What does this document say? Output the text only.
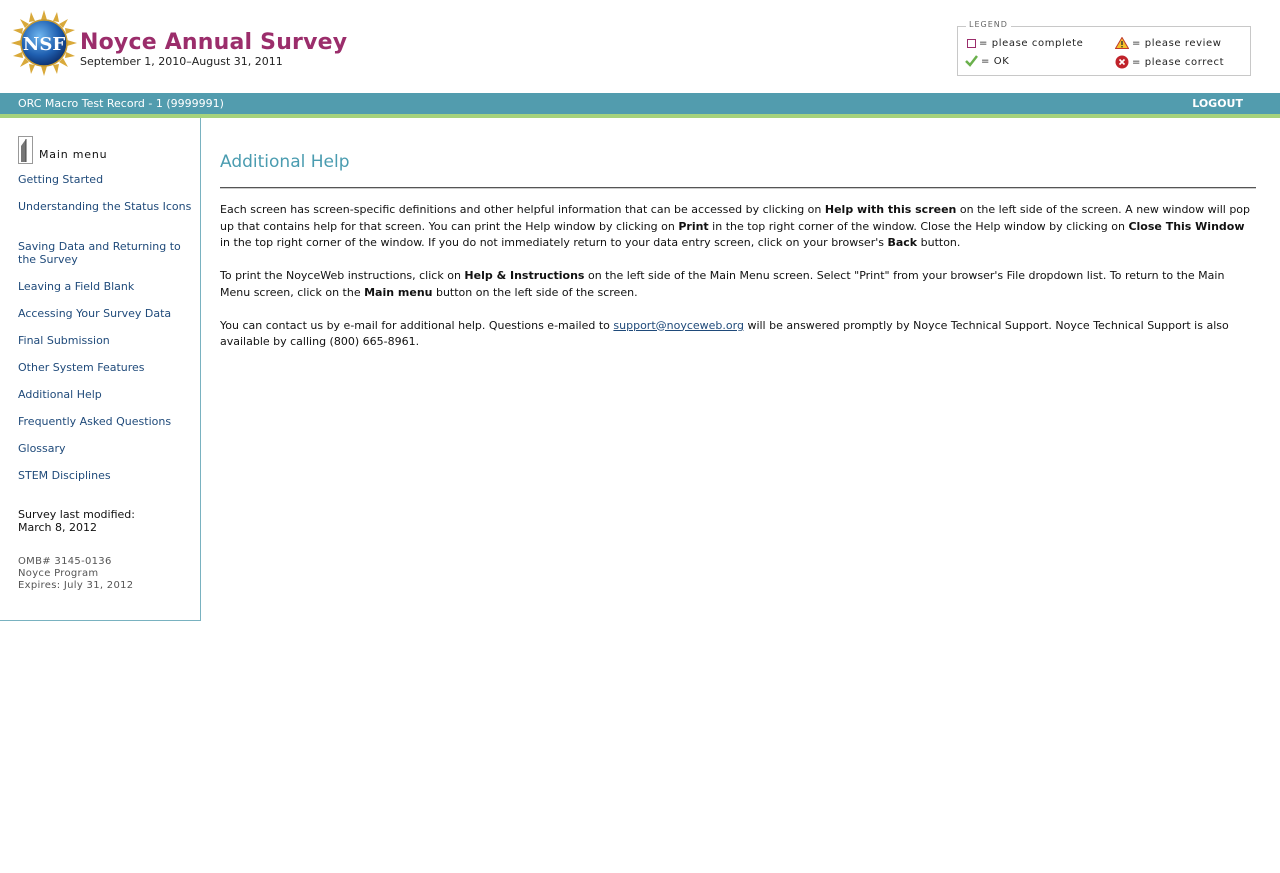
NSF Noyce Annual Survey
September 1, 2010–August 31, 2011
LEGEND
= please complete	= please review
= OK	= please correct
ORC Macro Test Record - 1 (9999991)	LOGOUT
Main menu
Getting Started
Understanding the Status Icons
Saving Data and Returning to the Survey
Leaving a Field Blank
Accessing Your Survey Data
Final Submission
Other System Features
Additional Help
Frequently Asked Questions
Glossary
STEM Disciplines
Survey last modified:
March 8, 2012
OMB# 3145-0136
Noyce Program
Expires: July 31, 2012
Additional Help

Each screen has screen-specific definitions and other helpful information that can be accessed by clicking on Help with this screen on the left side of the screen. A new window will pop up that contains help for that screen. You can print the Help window by clicking on Print in the top right corner of the window. Close the Help window by clicking on Close This Window in the top right corner of the window. If you do not immediately return to your data entry screen, click on your browser's Back button.

To print the NoyceWeb instructions, click on Help & Instructions on the left side of the Main Menu screen. Select "Print" from your browser's File dropdown list. To return to the Main Menu screen, click on the Main menu button on the left side of the screen.

You can contact us by e-mail for additional help. Questions e-mailed to support@noyceweb.org will be answered promptly by Noyce Technical Support. Noyce Technical Support is also available by calling (800) 665-8961.
